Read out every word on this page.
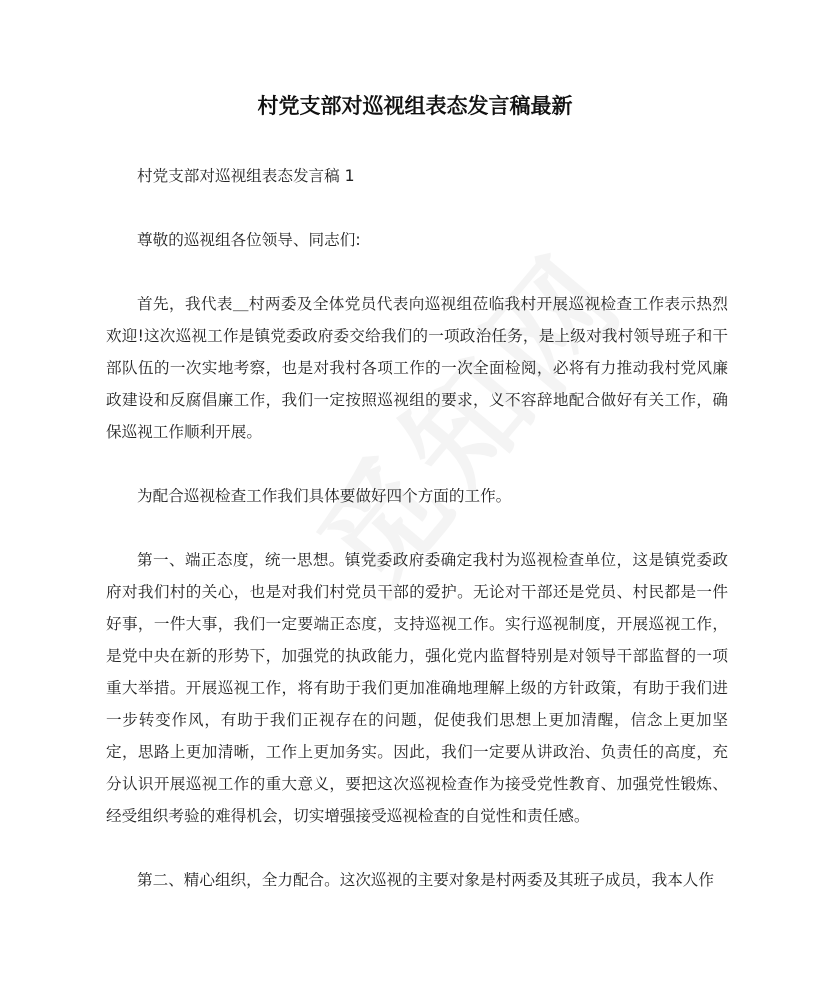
村党支部对巡视组表态发言稿最新

村党支部对巡视组表态发言稿 1

尊敬的巡视组各位领导、同志们:

首先，我代表＿村两委及全体党员代表向巡视组莅临我村开展巡视检查工作表示热烈欢迎!这次巡视工作是镇党委政府委交给我们的一项政治任务，是上级对我村领导班子和干部队伍的一次实地考察，也是对我村各项工作的一次全面检阅，必将有力推动我村党风廉政建设和反腐倡廉工作，我们一定按照巡视组的要求，义不容辞地配合做好有关工作，确保巡视工作顺利开展。

为配合巡视检查工作我们具体要做好四个方面的工作。

第一、端正态度，统一思想。镇党委政府委确定我村为巡视检查单位，这是镇党委政府对我们村的关心，也是对我们村党员干部的爱护。无论对干部还是党员、村民都是一件好事，一件大事，我们一定要端正态度，支持巡视工作。实行巡视制度，开展巡视工作，是党中央在新的形势下，加强党的执政能力，强化党内监督特别是对领导干部监督的一项重大举措。开展巡视工作，将有助于我们更加准确地理解上级的方针政策，有助于我们进一步转变作风，有助于我们正视存在的问题，促使我们思想上更加清醒，信念上更加坚定，思路上更加清晰，工作上更加务实。因此，我们一定要从讲政治、负责任的高度，充分认识开展巡视工作的重大意义，要把这次巡视检查作为接受党性教育、加强党性锻炼、经受组织考验的难得机会，切实增强接受巡视检查的自觉性和责任感。

第二、精心组织，全力配合。这次巡视的主要对象是村两委及其班子成员，我本人作
